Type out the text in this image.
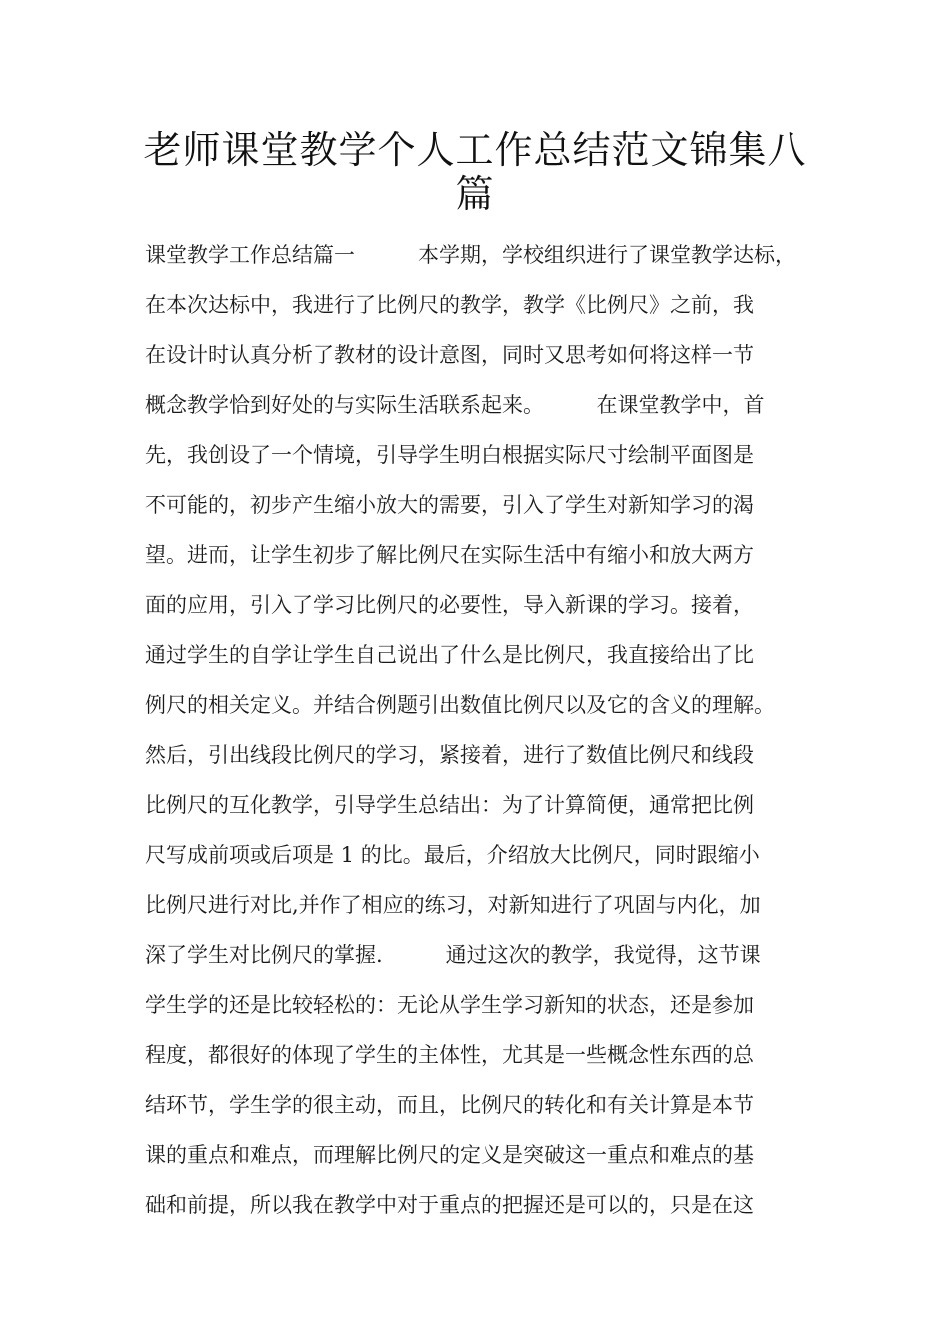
老师课堂教学个人工作总结范文锦集八
篇
课堂教学工作总结篇一　　　本学期，学校组织进行了课堂教学达标，
在本次达标中，我进行了比例尺的教学，教学《比例尺》之前，我
在设计时认真分析了教材的设计意图，同时又思考如何将这样一节
概念教学恰到好处的与实际生活联系起来。　　　在课堂教学中，首
先，我创设了一个情境，引导学生明白根据实际尺寸绘制平面图是
不可能的，初步产生缩小放大的需要，引入了学生对新知学习的渴
望。进而，让学生初步了解比例尺在实际生活中有缩小和放大两方
面的应用，引入了学习比例尺的必要性，导入新课的学习。接着，
通过学生的自学让学生自己说出了什么是比例尺，我直接给出了比
例尺的相关定义。并结合例题引出数值比例尺以及它的含义的理解。
然后，引出线段比例尺的学习，紧接着，进行了数值比例尺和线段
比例尺的互化教学，引导学生总结出：为了计算简便，通常把比例
尺写成前项或后项是 1 的比。最后，介绍放大比例尺，同时跟缩小
比例尺进行对比,并作了相应的练习，对新知进行了巩固与内化，加
深了学生对比例尺的掌握.　　　通过这次的教学，我觉得，这节课
学生学的还是比较轻松的：无论从学生学习新知的状态，还是参加
程度，都很好的体现了学生的主体性，尤其是一些概念性东西的总
结环节，学生学的很主动，而且，比例尺的转化和有关计算是本节
课的重点和难点，而理解比例尺的定义是突破这一重点和难点的基
础和前提，所以我在教学中对于重点的把握还是可以的，只是在这
